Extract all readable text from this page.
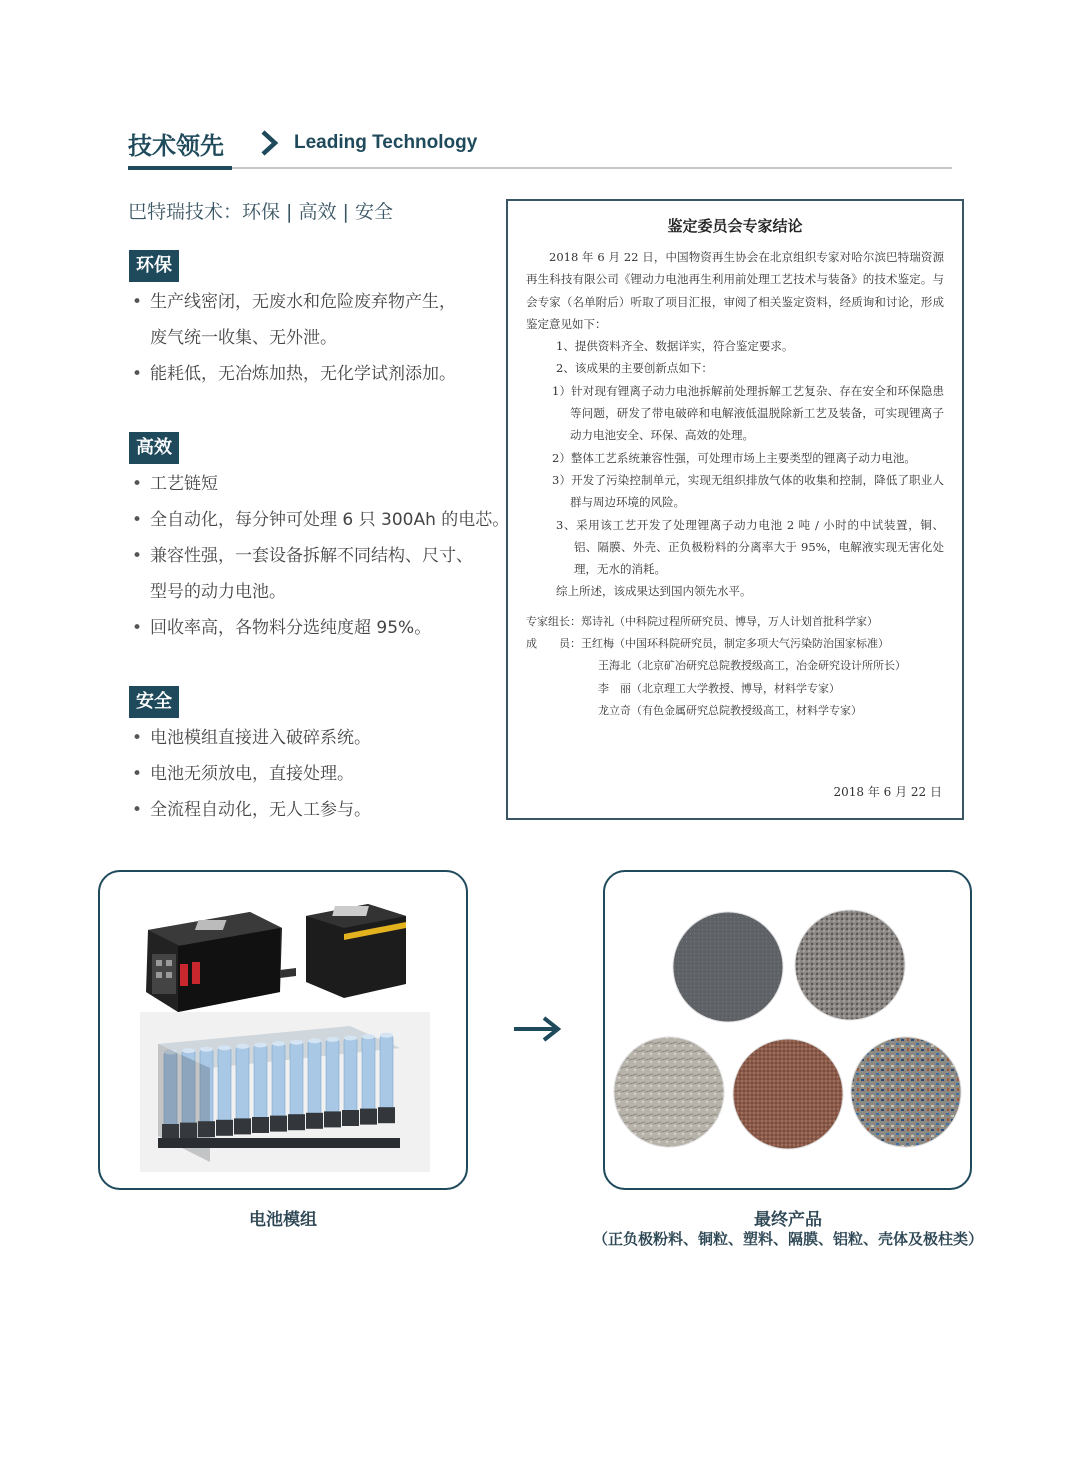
技术领先	Leading Technology
巴特瑞技术：环保 | 高效 | 安全
环保
• 生产线密闭，无废水和危险废弃物产生，
废气统一收集、无外泄。
• 能耗低，无冶炼加热，无化学试剂添加。
高效
• 工艺链短
• 全自动化，每分钟可处理 6 只 300Ah 的电芯。
• 兼容性强，一套设备拆解不同结构、尺寸、
型号的动力电池。
• 回收率高，各物料分选纯度超 95%。
安全
• 电池模组直接进入破碎系统。
• 电池无须放电，直接处理。
• 全流程自动化，无人工参与。
鉴定委员会专家结论

2018 年 6 月 22 日，中国物资再生协会在北京组织专家对哈尔滨巴特瑞资源再生科技有限公司《锂动力电池再生利用前处理工艺技术与装备》的技术鉴定。与会专家（名单附后）听取了项目汇报，审阅了相关鉴定资料，经质询和讨论，形成鉴定意见如下：

1、提供资料齐全、数据详实，符合鉴定要求。

2、该成果的主要创新点如下：

1）针对现有锂离子动力电池拆解前处理拆解工艺复杂、存在安全和环保隐患等问题，研发了带电破碎和电解液低温脱除新工艺及装备，可实现锂离子动力电池安全、环保、高效的处理。

2）整体工艺系统兼容性强，可处理市场上主要类型的锂离子动力电池。

3）开发了污染控制单元，实现无组织排放气体的收集和控制，降低了职业人群与周边环境的风险。

3、采用该工艺开发了处理锂离子动力电池 2 吨 / 小时的中试装置，铜、铝、隔膜、外壳、正负极粉料的分离率大于 95%，电解液实现无害化处理，无水的消耗。

综上所述，该成果达到国内领先水平。

专家组长：郑诗礼（中科院过程所研究员、博导，万人计划首批科学家）
成　　员：王红梅（中国环科院研究员，制定多项大气污染防治国家标准）
王海北（北京矿冶研究总院教授级高工，冶金研究设计所所长）
李　丽（北京理工大学教授、博导，材料学专家）
龙立奇（有色金属研究总院教授级高工，材料学专家）
2018 年 6 月 22 日
电池模组	最终产品
（正负极粉料、铜粒、塑料、隔膜、铝粒、壳体及极柱类）
